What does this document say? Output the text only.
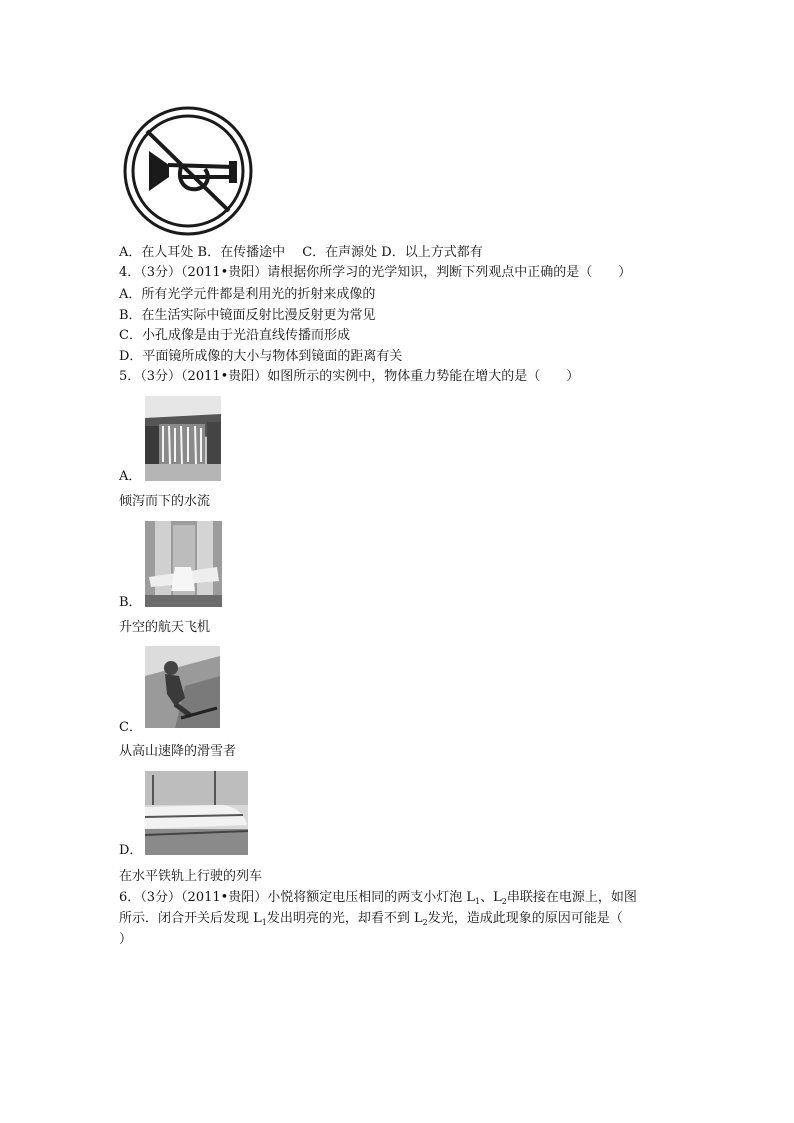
A．在人耳处 B．在传播途中　 C．在声源处 D．以上方式都有
4．（3分）（2011•贵阳）请根据你所学习的光学知识，判断下列观点中正确的是（　　）
A．所有光学元件都是利用光的折射来成像的
B．在生活实际中镜面反射比漫反射更为常见
C．小孔成像是由于光沿直线传播而形成
D．平面镜所成像的大小与物体到镜面的距离有关
5．（3分）（2011•贵阳）如图所示的实例中，物体重力势能在增大的是（　　）
A．
倾泻而下的水流
B．
升空的航天飞机
C．
从高山速降的滑雪者
D．
在水平铁轨上行驶的列车
6．（3分）（2011•贵阳）小悦将额定电压相同的两支小灯泡 $L_1$、$L_2$串联接在电源上，如图
所示．闭合开关后发现 $L_1$发出明亮的光，却看不到 $L_2$发光，造成此现象的原因可能是（
）
